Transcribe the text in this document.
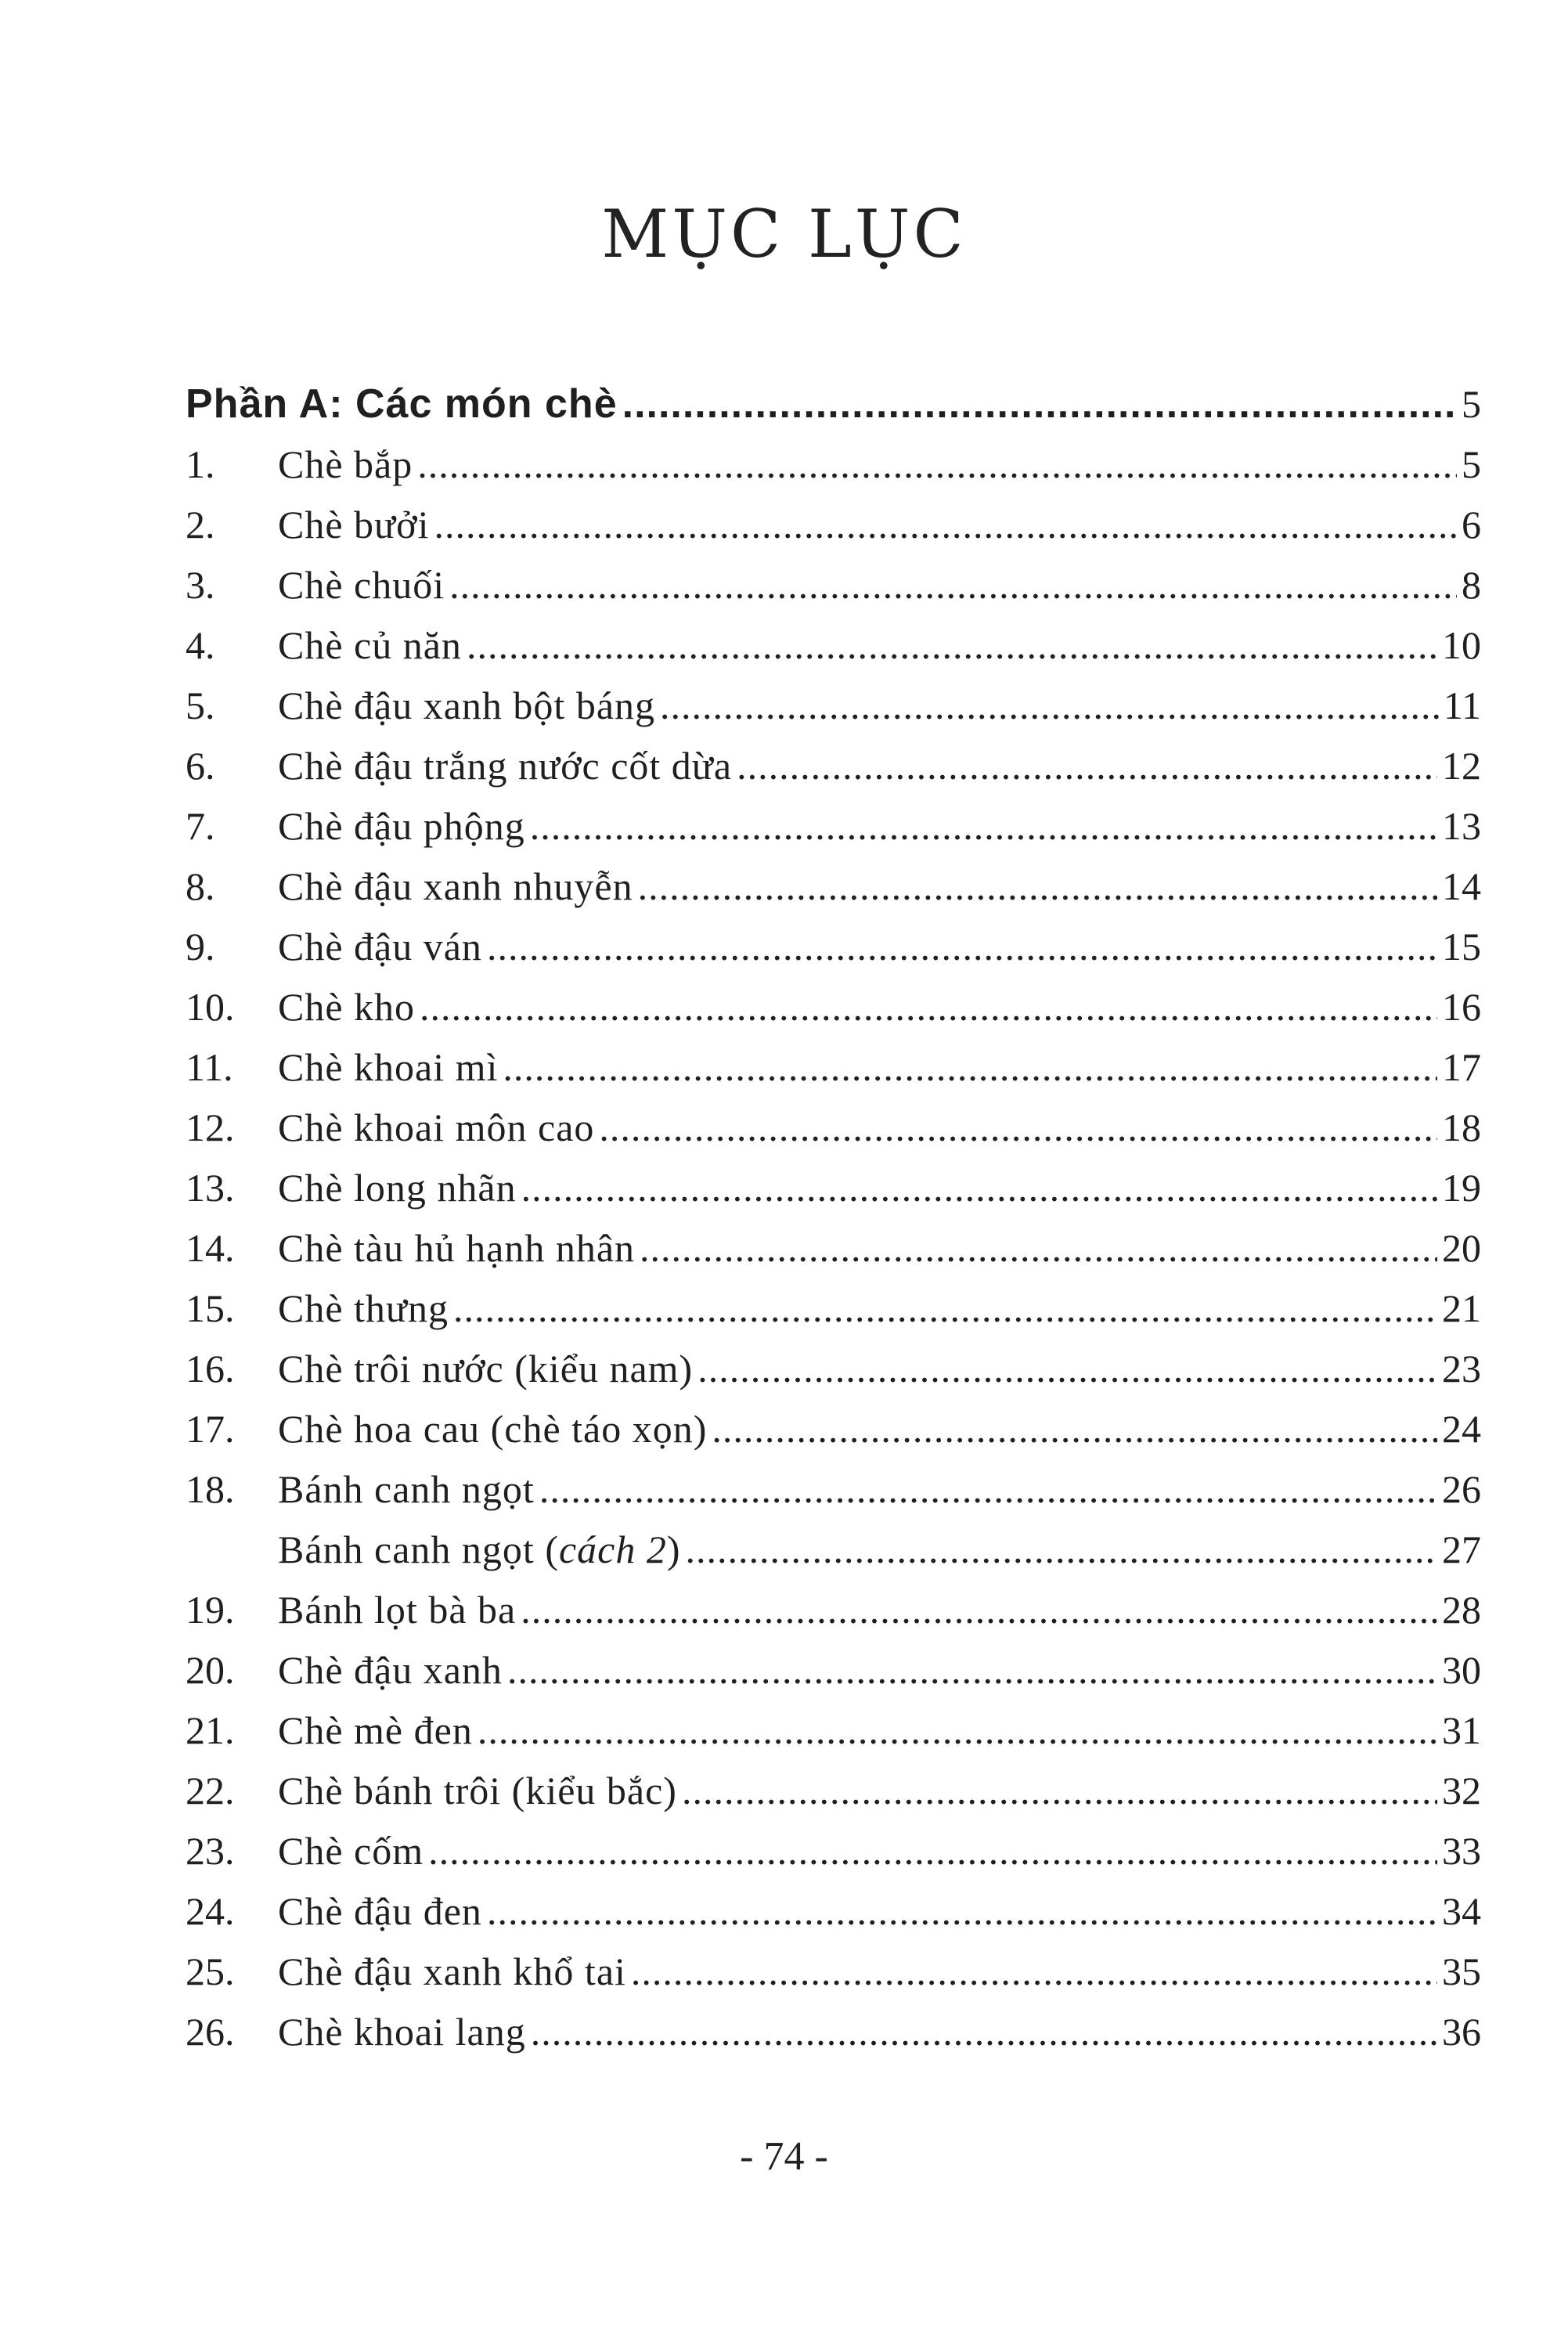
MỤC LỤC
Phần A: Các món chè .....	5
1.	Chè bắp .....	5
2.	Chè bưởi .....	6
3.	Chè chuối .....	8
4.	Chè củ năn .....	10
5.	Chè đậu xanh bột báng .....	11
6.	Chè đậu trắng nước cốt dừa .....	12
7.	Chè đậu phộng .....	13
8.	Chè đậu xanh nhuyễn .....	14
9.	Chè đậu ván .....	15
10.	Chè kho .....	16
11.	Chè khoai mì .....	17
12.	Chè khoai môn cao .....	18
13.	Chè long nhãn .....	19
14.	Chè tàu hủ hạnh nhân .....	20
15.	Chè thưng .....	21
16.	Chè trôi nước (kiểu nam) .....	23
17.	Chè hoa cau (chè táo xọn) .....	24
18.	Bánh canh ngọt .....	26
Bánh canh ngọt (cách 2) .....	27
19.	Bánh lọt bà ba .....	28
20.	Chè đậu xanh .....	30
21.	Chè mè đen .....	31
22.	Chè bánh trôi (kiểu bắc) .....	32
23.	Chè cốm .....	33
24.	Chè đậu đen .....	34
25.	Chè đậu xanh khổ tai .....	35
26.	Chè khoai lang .....	36
- 74 -
